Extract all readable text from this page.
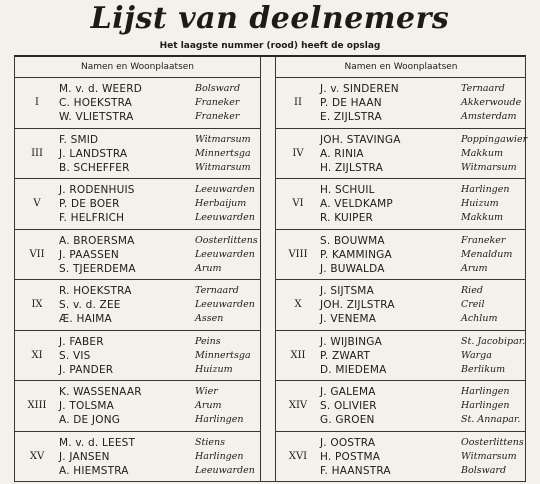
Lijst van deelnemers
Het laagste nummer (rood) heeft de opslag
Namen en Woonplaatsen
I
M. v. d. WEERD	Bolsward
C. HOEKSTRA	Franeker
W. VLIETSTRA	Franeker
III
F. SMID	Witmarsum
J. LANDSTRA	Minnertsga
B. SCHEFFER	Witmarsum
V
J. RODENHUIS	Leeuwarden
P. DE BOER	Herbaijum
F. HELFRICH	Leeuwarden
VII
A. BROERSMA	Oosterlittens
J. PAASSEN	Leeuwarden
S. TJEERDEMA	Arum
IX
R. HOEKSTRA	Ternaard
S. v. d. ZEE	Leeuwarden
Æ. HAIMA	Assen
XI
J. FABER	Peins
S. VIS	Minnertsga
J. PANDER	Huizum
XIII
K. WASSENAAR	Wier
J. TOLSMA	Arum
A. DE JONG	Harlingen
XV
M. v. d. LEEST	Stiens
J. JANSEN	Harlingen
A. HIEMSTRA	Leeuwarden
Namen en Woonplaatsen
II
J. v. SINDEREN	Ternaard
P. DE HAAN	Akkerwoude
E. ZIJLSTRA	Amsterdam
IV
JOH. STAVINGA	Poppingawier
A. RINIA	Makkum
H. ZIJLSTRA	Witmarsum
VI
H. SCHUIL	Harlingen
A. VELDKAMP	Huizum
R. KUIPER	Makkum
VIII
S. BOUWMA	Franeker
P. KAMMINGA	Menaldum
J. BUWALDA	Arum
X
J. SIJTSMA	Ried
JOH. ZIJLSTRA	Creil
J. VENEMA	Achlum
XII
J. WIJBINGA	St. Jacobipar.
P. ZWART	Warga
D. MIEDEMA	Berlikum
XIV
J. GALEMA	Harlingen
S. OLIVIER	Harlingen
G. GROEN	St. Annapar.
XVI
J. OOSTRA	Oosterlittens
H. POSTMA	Witmarsum
F. HAANSTRA	Bolsward
